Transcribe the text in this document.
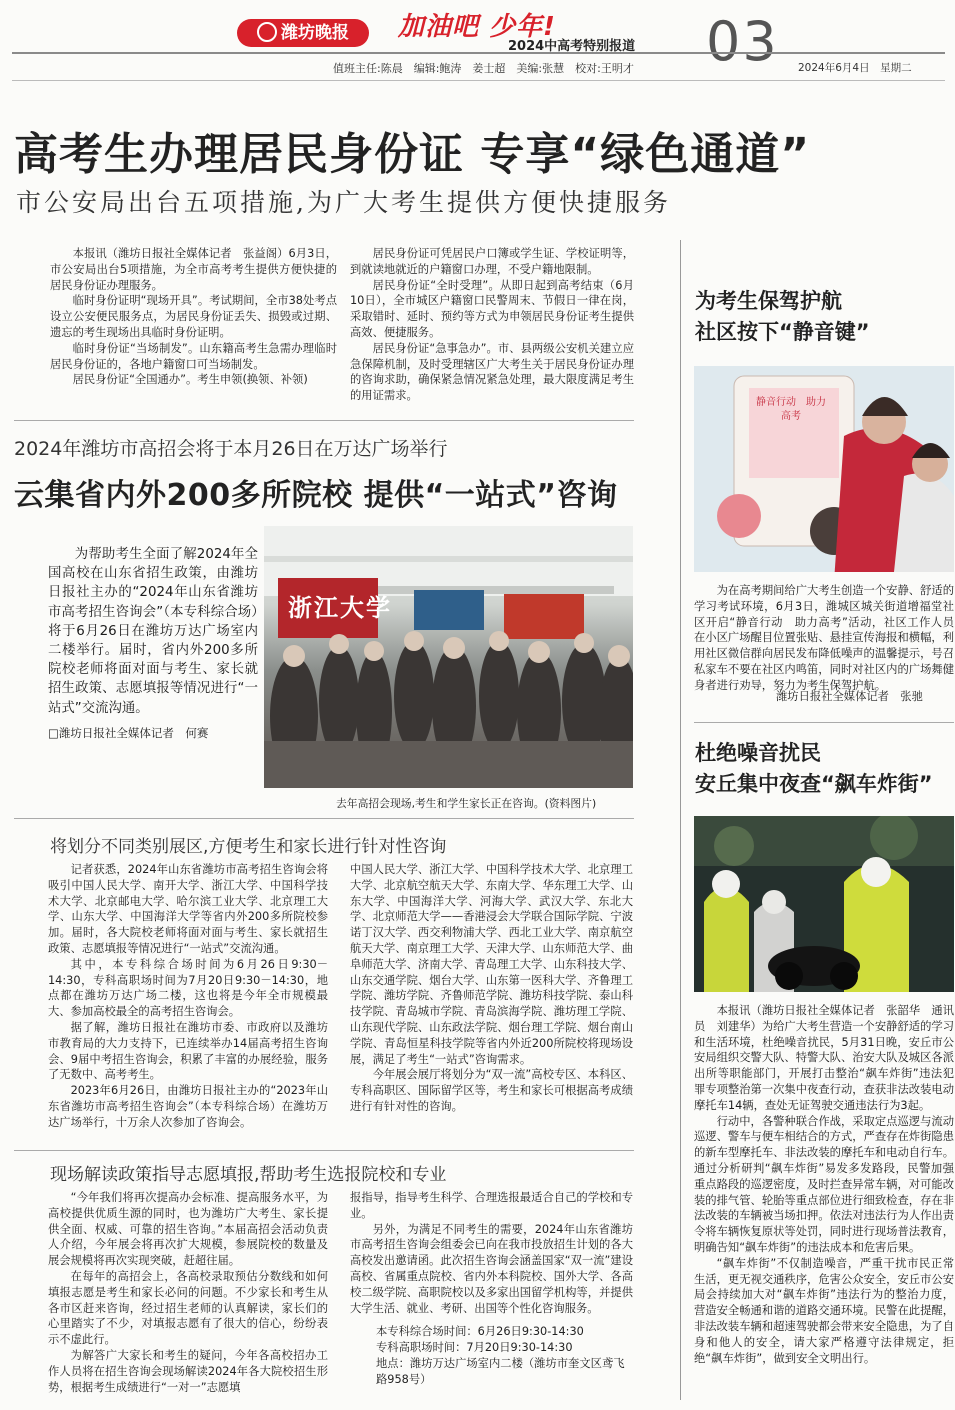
潍坊晚报	加油吧 少年!
2024中高考特别报道 03
值班主任:陈晨　编辑:鲍涛　姜士超　美编:张慧　校对:王明才	2024年6月4日　 星期二
高考生办理居民身份证 专享“绿色通道”
市公安局出台五项措施,为广大考生提供方便快捷服务

本报讯（潍坊日报社全媒体记者　张益阁）6月3日，市公安局出台5项措施，为全市高考考生提供方便快捷的居民身份证办理服务。

临时身份证明“现场开具”。考试期间，全市38处考点设立公安便民服务点，为居民身份证丢失、损毁或过期、遗忘的考生现场出具临时身份证明。

临时身份证“当场制发”。山东籍高考生急需办理临时居民身份证的，各地户籍窗口可当场制发。

居民身份证“全国通办”。考生申领(换领、补领)

居民身份证可凭居民户口簿或学生证、学校证明等，到就读地就近的户籍窗口办理，不受户籍地限制。

居民身份证“全时受理”。从即日起到高考结束（6月10日），全市城区户籍窗口民警周末、节假日一律在岗，采取错时、延时、预约等方式为申领居民身份证考生提供高效、便捷服务。

居民身份证“急事急办”。市、县两级公安机关建立应急保障机制，及时受理辖区广大考生关于居民身份证办理的咨询求助，确保紧急情况紧急处理，最大限度满足考生的用证需求。

2024年潍坊市高招会将于本月26日在万达广场举行
云集省内外200多所院校 提供“一站式”咨询

为帮助考生全面了解2024年全国高校在山东省招生政策，由潍坊日报社主办的“2024年山东省潍坊市高考招生咨询会”（本专科综合场）将于6月26日在潍坊万达广场室内二楼举行。届时，省内外200多所院校老师将面对面与考生、家长就招生政策、志愿填报等情况进行“一站式”交流沟通。

□潍坊日报社全媒体记者　何赛

浙江大学
去年高招会现场,考生和学生家长正在咨询。(资料图片)
将划分不同类别展区,方便考生和家长进行针对性咨询

记者获悉，2024年山东省潍坊市高考招生咨询会将吸引中国人民大学、南开大学、浙江大学、中国科学技术大学、北京邮电大学、哈尔滨工业大学、北京理工大学、山东大学、中国海洋大学等省内外200多所院校参加。届时，各大院校老师将面对面与考生、家长就招生政策、志愿填报等情况进行“一站式”交流沟通。

其中，本专科综合场时间为6月26日9:30－14:30，专科高职场时间为7月20日9:30－14:30，地点都在潍坊万达广场二楼，这也将是今年全市规模最大、参加高校最全的高考招生咨询会。

据了解，潍坊日报社在潍坊市委、市政府以及潍坊市教育局的大力支持下，已连续举办14届高考招生咨询会、9届中考招生咨询会，积累了丰富的办展经验，服务了无数中、高考考生。

2023年6月26日，由潍坊日报社主办的“2023年山东省潍坊市高考招生咨询会”（本专科综合场）在潍坊万达广场举行，十万余人次参加了咨询会。

中国人民大学、浙江大学、中国科学技术大学、北京理工大学、北京航空航天大学、东南大学、华东理工大学、山东大学、中国海洋大学、河海大学、武汉大学、东北大学、北京师范大学——香港浸会大学联合国际学院、宁波诺丁汉大学、西交利物浦大学、西北工业大学、南京航空航天大学、南京理工大学、天津大学、山东师范大学、曲阜师范大学、济南大学、青岛理工大学、山东科技大学、山东交通学院、烟台大学、山东第一医科大学、齐鲁理工学院、潍坊学院、齐鲁师范学院、潍坊科技学院、泰山科技学院、青岛城市学院、青岛滨海学院、潍坊理工学院、山东现代学院、山东政法学院、烟台理工学院、烟台南山学院、青岛恒星科技学院等省内外近200所院校将现场设展，满足了考生“一站式”咨询需求。

今年展会展厅将划分为“双一流”高校专区、本科区、专科高职区、国际留学区等，考生和家长可根据高考成绩进行有针对性的咨询。

现场解读政策指导志愿填报,帮助考生选报院校和专业

“今年我们将再次提高办会标准、提高服务水平，为高校提供优质生源的同时，也为潍坊广大考生、家长提供全面、权威、可靠的招生咨询。”本届高招会活动负责人介绍，今年展会将再次扩大规模，参展院校的数量及展会规模将再次实现突破，赶超往届。

在每年的高招会上，各高校录取预估分数线和如何填报志愿是考生和家长必问的问题。不少家长和考生从各市区赶来咨询，经过招生老师的认真解读，家长们的心里踏实了不少，对填报志愿有了很大的信心，纷纷表示不虚此行。

为解答广大家长和考生的疑问，今年各高校招办工作人员将在招生咨询会现场解读2024年各大院校招生形势，根据考生成绩进行“一对一”志愿填

报指导，指导考生科学、合理选报最适合自己的学校和专业。

另外，为满足不同考生的需要，2024年山东省潍坊市高考招生咨询会组委会已向在我市投放招生计划的各大高校发出邀请函。此次招生咨询会涵盖国家“双一流”建设高校、省属重点院校、省内外本科院校、国外大学、各高校二级学院、高职院校以及多家出国留学机构等，并提供大学生活、就业、考研、出国等个性化咨询服务。

本专科综合场时间：6月26日9:30-14:30
专科高职场时间：7月20日9:30-14:30
地点：潍坊万达广场室内二楼（潍坊市奎文区鸢飞路958号）
为考生保驾护航
社区按下“静音键”
静音行动　助力高考

为在高考期间给广大考生创造一个安静、舒适的学习考试环境，6月3日，潍城区城关街道增福堂社区开启“静音行动　助力高考”活动，社区工作人员在小区广场醒目位置张贴、悬挂宣传海报和横幅，利用社区微信群向居民发布降低噪声的温馨提示，号召私家车不要在社区内鸣笛，同时对社区内的广场舞健身者进行劝导，努力为考生保驾护航。

潍坊日报社全媒体记者　张驰
杜绝噪音扰民
安丘集中夜查“飙车炸街”

本报讯（潍坊日报社全媒体记者　张韶华　通讯员　刘建华）为给广大考生营造一个安静舒适的学习和生活环境，杜绝噪音扰民，5月31日晚，安丘市公安局组织交警大队、特警大队、治安大队及城区各派出所等职能部门，开展打击整治“飙车炸街”违法犯罪专项整治第一次集中夜查行动，查获非法改装电动摩托车14辆，查处无证驾驶交通违法行为3起。

行动中，各警种联合作战，采取定点巡逻与流动巡逻、警车与便车相结合的方式，严查存在炸街隐患的新车型摩托车、非法改装的摩托车和电动自行车。通过分析研判“飙车炸街”易发多发路段，民警加强重点路段的巡逻密度，及时拦查异常车辆，对可能改装的排气管、轮胎等重点部位进行细致检查，存在非法改装的车辆被当场扣押。依法对违法行为人作出责令将车辆恢复原状等处罚，同时进行现场普法教育，明确告知“飙车炸街”的违法成本和危害后果。

“飙车炸街”不仅制造噪音，严重干扰市民正常生活，更无视交通秩序，危害公众安全，安丘市公安局会持续加大对“飙车炸街”违法行为的整治力度，营造安全畅通和谐的道路交通环境。民警在此提醒，非法改装车辆和超速驾驶都会带来安全隐患，为了自身和他人的安全，请大家严格遵守法律规定，拒绝“飙车炸街”，做到安全文明出行。
